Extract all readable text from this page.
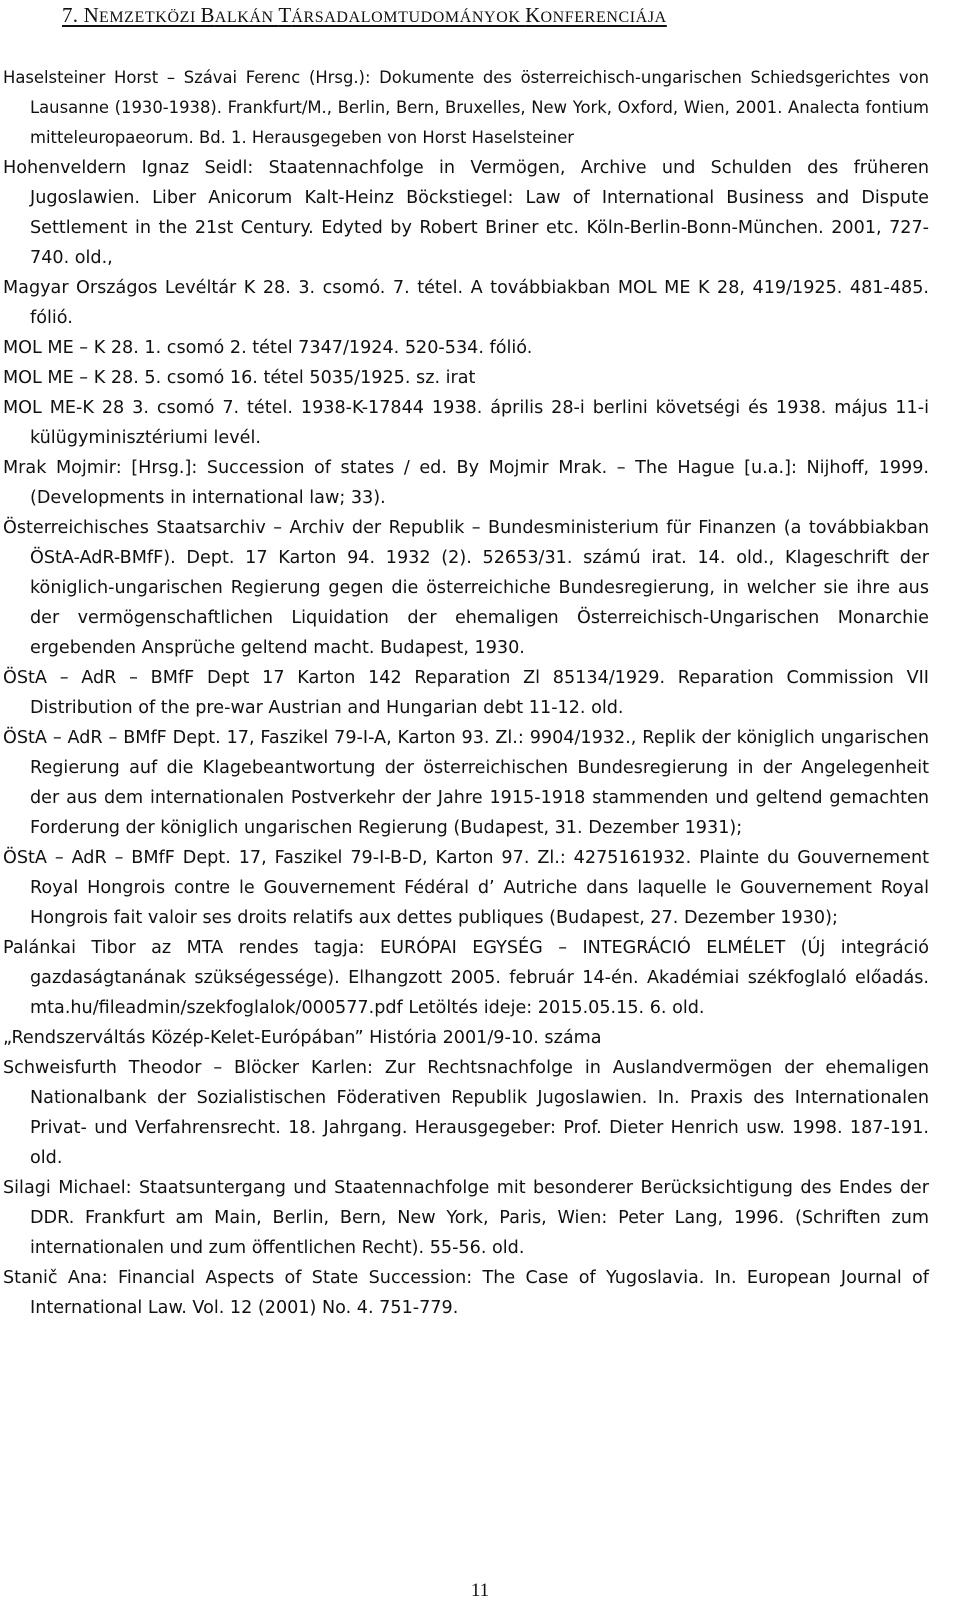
7. NEMZETKÖZI BALKÁN TÁRSADALOMTUDOMÁNYOK KONFERENCIÁJA

Haselsteiner Horst – Szávai Ferenc (Hrsg.): Dokumente des österreichisch-ungarischen Schiedsgerichtes von Lausanne (1930-1938). Frankfurt/M., Berlin, Bern, Bruxelles, New York, Oxford, Wien, 2001. Analecta fontium mitteleuropaeorum. Bd. 1. Herausgegeben von Horst Haselsteiner

Hohenveldern Ignaz Seidl: Staatennachfolge in Vermögen, Archive und Schulden des früheren Jugoslawien. Liber Anicorum Kalt-Heinz Böckstiegel: Law of International Business and Dispute Settlement in the 21st Century. Edyted by Robert Briner etc. Köln-Berlin-Bonn-München. 2001, 727-740. old.,

Magyar Országos Levéltár K 28. 3. csomó. 7. tétel. A továbbiakban MOL ME K 28, 419/1925. 481-485. fólió.

MOL ME – K 28. 1. csomó 2. tétel 7347/1924. 520-534. fólió.

MOL ME – K 28. 5. csomó 16. tétel 5035/1925. sz. irat

MOL ME-K 28 3. csomó 7. tétel. 1938-K-17844 1938. április 28-i berlini követségi és 1938. május 11-i külügyminisztériumi levél.

Mrak Mojmir: [Hrsg.]: Succession of states / ed. By Mojmir Mrak. – The Hague [u.a.]: Nijhoff, 1999. (Developments in international law; 33).

Österreichisches Staatsarchiv – Archiv der Republik – Bundesministerium für Finanzen (a továbbiakban ÖStA-AdR-BMfF). Dept. 17 Karton 94. 1932 (2). 52653/31. számú irat. 14. old., Klageschrift der königlich-ungarischen Regierung gegen die österreichiche Bundesregierung, in welcher sie ihre aus der vermögenschaftlichen Liquidation der ehemaligen Österreichisch-Ungarischen Monarchie ergebenden Ansprüche geltend macht. Budapest, 1930.

ÖStA – AdR – BMfF Dept 17 Karton 142 Reparation Zl 85134/1929. Reparation Commission VII Distribution of the pre-war Austrian and Hungarian debt 11-12. old.

ÖStA – AdR – BMfF Dept. 17, Faszikel 79-I-A, Karton 93. Zl.: 9904/1932., Replik der königlich ungarischen Regierung auf die Klagebeantwortung der österreichischen Bundesregierung in der Angelegenheit der aus dem internationalen Postverkehr der Jahre 1915-1918 stammenden und geltend gemachten Forderung der königlich ungarischen Regierung (Budapest, 31. Dezember 1931);

ÖStA – AdR – BMfF Dept. 17, Faszikel 79-I-B-D, Karton 97. Zl.: 4275161932. Plainte du Gouvernement Royal Hongrois contre le Gouvernement Fédéral d’ Autriche dans laquelle le Gouvernement Royal Hongrois fait valoir ses droits relatifs aux dettes publiques (Budapest, 27. Dezember 1930);

Palánkai Tibor az MTA rendes tagja: EURÓPAI EGYSÉG – INTEGRÁCIÓ ELMÉLET (Új integráció gazdaságtanának szükségessége). Elhangzott 2005. február 14-én. Akadémiai székfoglaló előadás. mta.hu/fileadmin/szekfoglalok/000577.pdf Letöltés ideje: 2015.05.15. 6. old.

„Rendszerváltás Közép-Kelet-Európában” História 2001/9-10. száma

Schweisfurth Theodor – Blöcker Karlen: Zur Rechtsnachfolge in Auslandvermögen der ehemaligen Nationalbank der Sozialistischen Föderativen Republik Jugoslawien. In. Praxis des Internationalen Privat- und Verfahrensrecht. 18. Jahrgang. Herausgegeber: Prof. Dieter Henrich usw. 1998. 187-191. old.

Silagi Michael: Staatsuntergang und Staatennachfolge mit besonderer Berücksichtigung des Endes der DDR. Frankfurt am Main, Berlin, Bern, New York, Paris, Wien: Peter Lang, 1996. (Schriften zum internationalen und zum öffentlichen Recht). 55-56. old.

Stanič Ana: Financial Aspects of State Succession: The Case of Yugoslavia. In. European Journal of International Law. Vol. 12 (2001) No. 4. 751-779.

11
